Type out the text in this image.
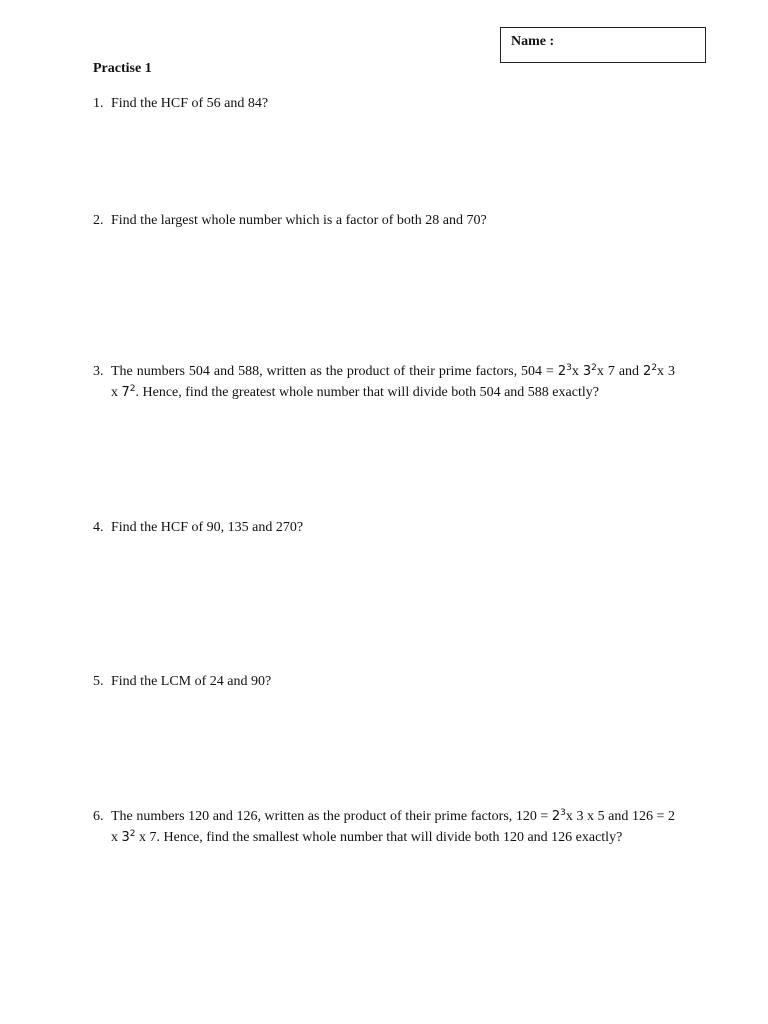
Name :
Practise 1
1. Find the HCF of 56 and 84?
2. Find the largest whole number which is a factor of both 28 and 70?
3. The numbers 504 and 588, written as the product of their prime factors, $504 = 2^3x$ $3^2x$ 7 and $2^2x$ 3 x $7^2$. Hence, find the greatest whole number that will divide both 504 and 588 exactly?
4. Find the HCF of 90, 135 and 270?
5. Find the LCM of 24 and 90?
6. The numbers 120 and 126, written as the product of their prime factors, $120 = 2^3x$ 3 x 5 and 126 = 2 x $3^2$ x 7. Hence, find the smallest whole number that will divide both 120 and 126 exactly?
